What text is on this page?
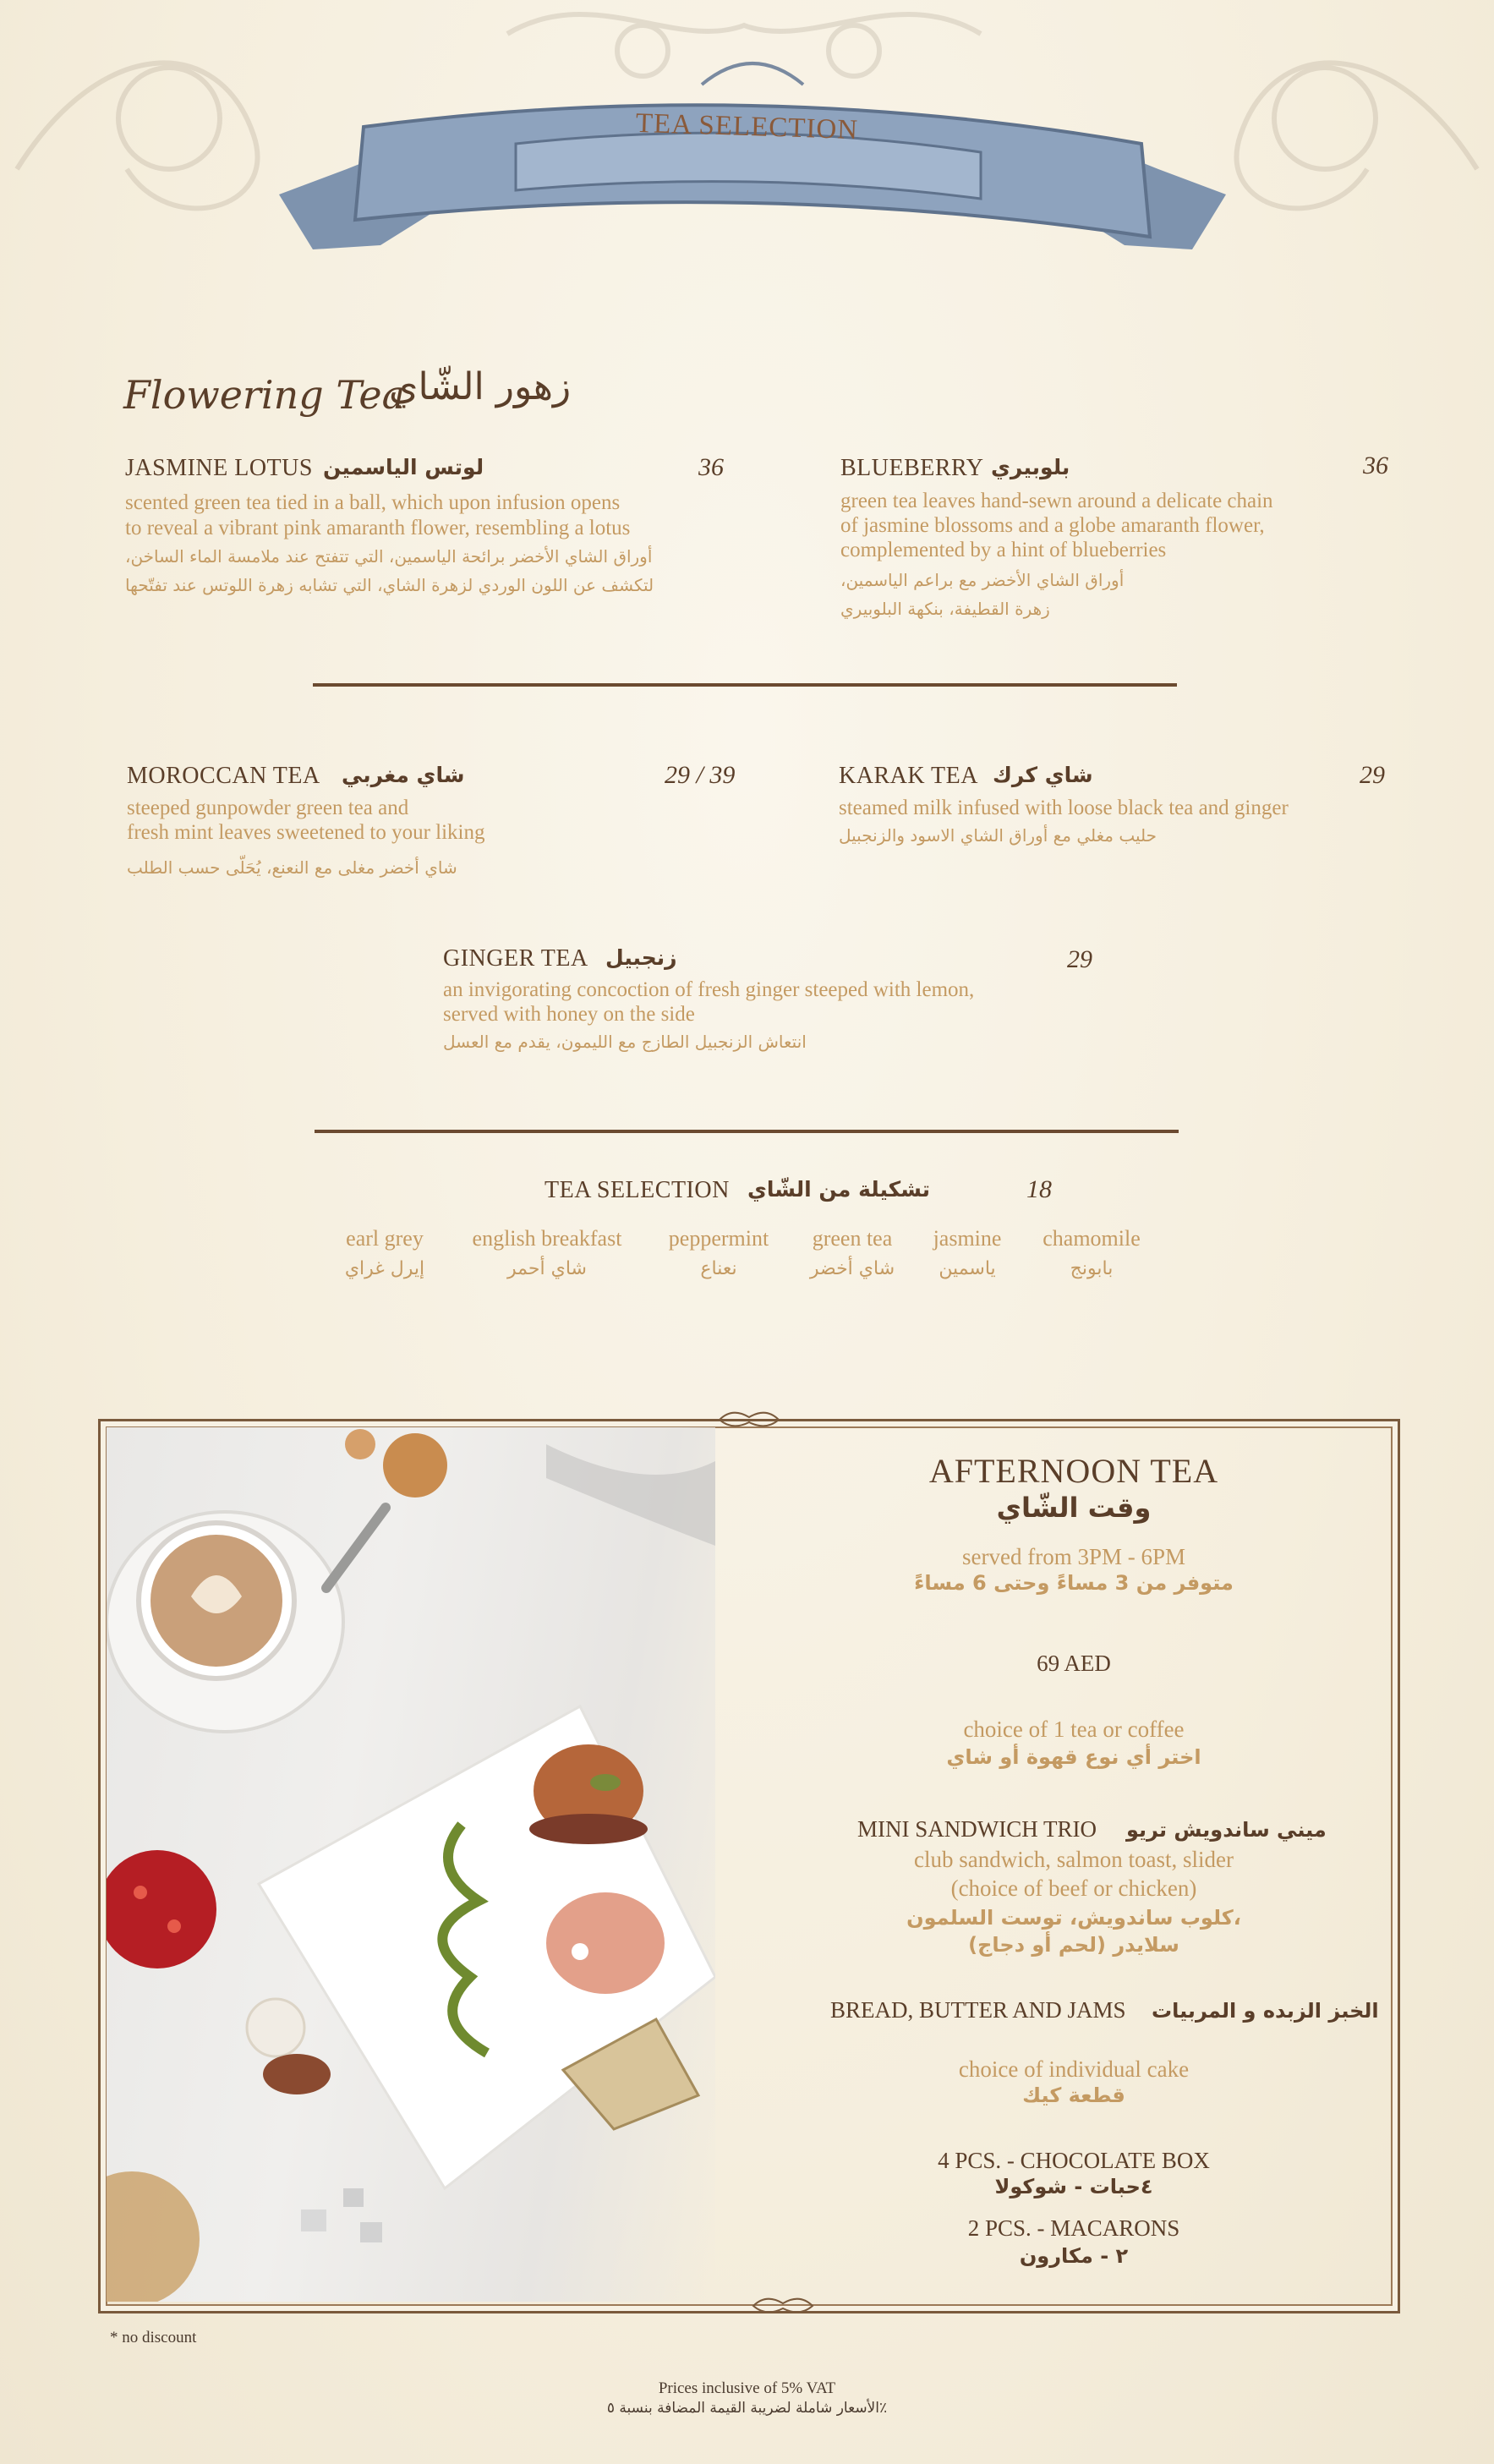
TEA SELECTION
Flowering Tea
زهور الشّاي
JASMINE LOTUS لوتس الياسمين	36
scented green tea tied in a ball, which upon infusion opens
to reveal a vibrant pink amaranth flower, resembling a lotus
أوراق الشاي الأخضر برائحة الياسمين، التي تتفتح عند ملامسة الماء الساخن،
لتكشف عن اللون الوردي لزهرة الشاي، التي تشابه زهرة اللوتس عند تفتّحها
BLUEBERRY بلوبيري	36
green tea leaves hand-sewn around a delicate chain
of jasmine blossoms and a globe amaranth flower,
complemented by a hint of blueberries
أوراق الشاي الأخضر مع براعم الياسمين،
زهرة القطيفة، بنكهة البلوبيري
MOROCCAN TEA شاي مغربي	29 / 39
steeped gunpowder green tea and
fresh mint leaves sweetened to your liking
شاي أخضر مغلى مع النعنع، يُحَلّى حسب الطلب
KARAK TEA شاي كرك	29
steamed milk infused with loose black tea and ginger
حليب مغلي مع أوراق الشاي الاسود والزنجبيل
GINGER TEA زنجبيل	29
an invigorating concoction of fresh ginger steeped with lemon,
served with honey on the side
انتعاش الزنجبيل الطازج مع الليمون، يقدم مع العسل
TEA SELECTION تشكيلة من الشّاي	18
earl grey
إيرل غراي
english breakfast
شاي أحمر
peppermint
نعناع
green tea
شاي أخضر
jasmine
ياسمين
chamomile
بابونج
AFTERNOON TEA
وقت الشّاي
served from 3PM - 6PM
متوفر من 3 مساءً وحتى 6 مساءً
69 AED
choice of 1 tea or coffee
اختر أي نوع قهوة أو شاي
MINI SANDWICH TRIO ميني ساندويش تريو
club sandwich, salmon toast, slider
(choice of beef or chicken)
كلوب ساندويش، توست السلمون،
سلايدر (لحم أو دجاج)
BREAD, BUTTER AND JAMS الخبز الزبده و المربيات
choice of individual cake
قطعة كيك
4 PCS. - CHOCOLATE BOX
٤حبات - شوكولا
2 PCS. - MACARONS
٢ - مكارون
* no discount
Prices inclusive of 5% VAT
الأسعار شاملة لضريبة القيمة المضافة بنسبة ٥٪
